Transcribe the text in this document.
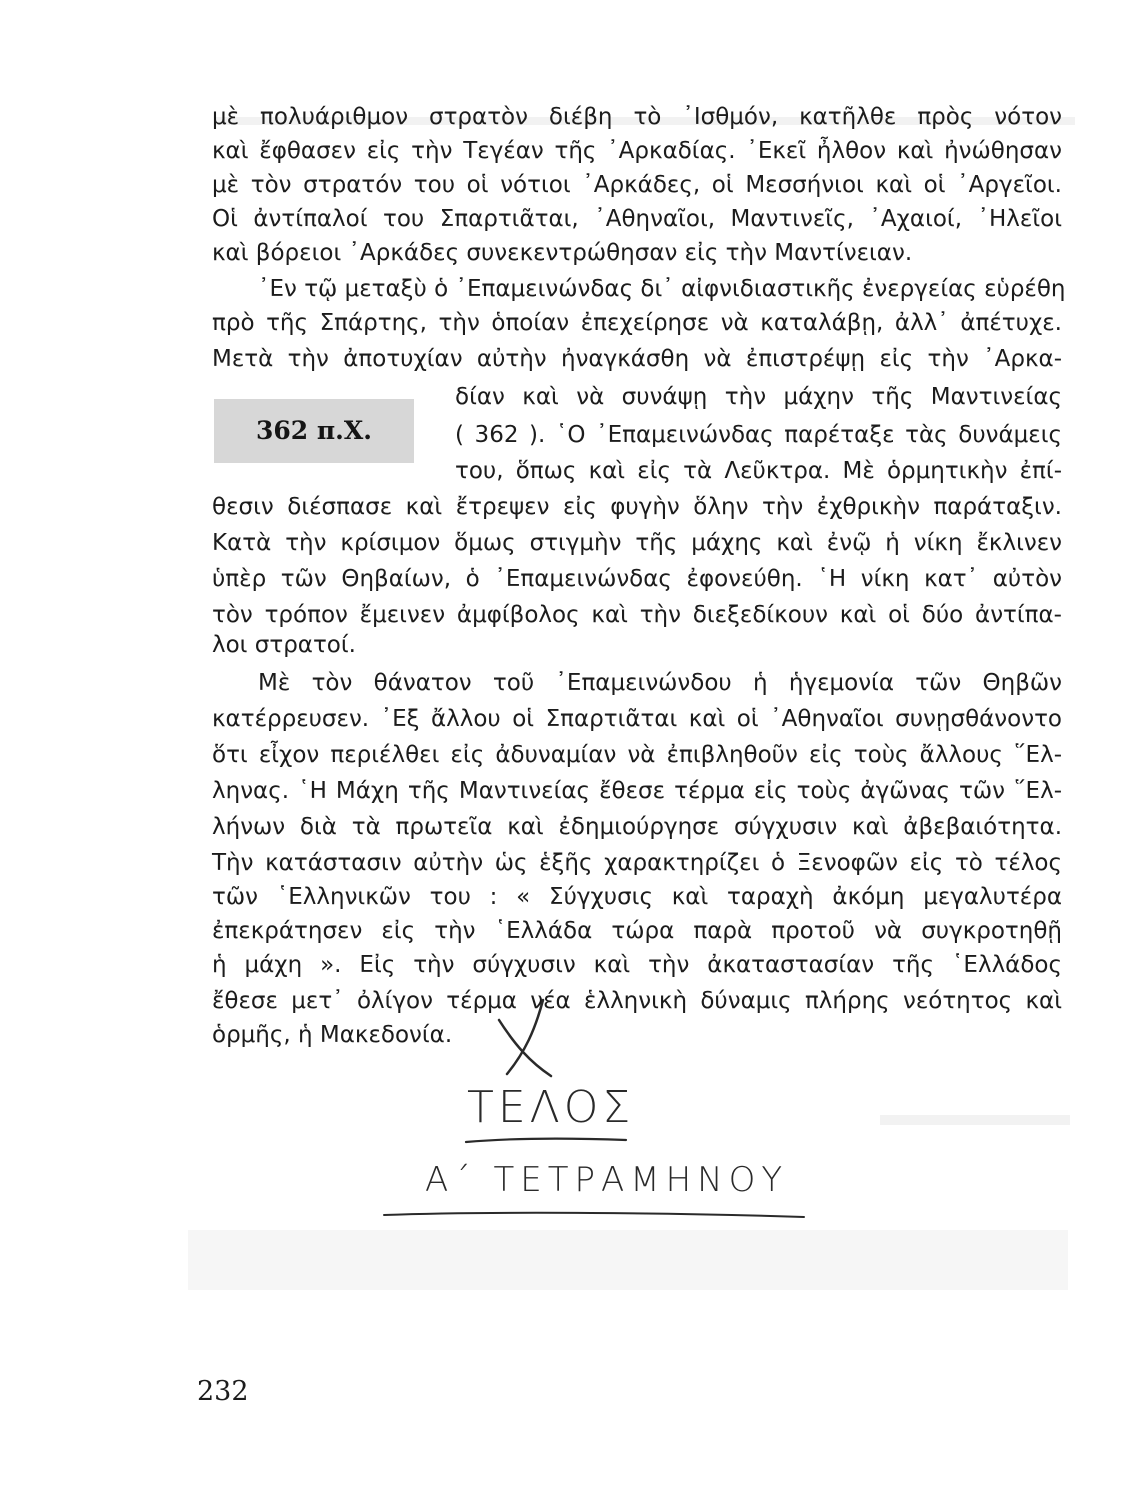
μὲ πολυάριθμον στρατὸν διέβη τὸ ᾿Ισθμόν, κατῆλθε πρὸς νότον
καὶ ἔφθασεν εἰς τὴν Τεγέαν τῆς ᾿Αρκαδίας. ᾿Εκεῖ ἦλθον καὶ ἠνώθησαν
μὲ τὸν στρατόν του οἱ νότιοι ᾿Αρκάδες, οἱ Μεσσήνιοι καὶ οἱ ᾿Αργεῖοι.
Οἱ ἀντίπαλοί του Σπαρτιᾶται, ᾿Αθηναῖοι, Μαντινεῖς, ᾿Αχαιοί, ᾿Ηλεῖοι
καὶ βόρειοι ᾿Αρκάδες συνεκεντρώθησαν εἰς τὴν Μαντίνειαν.
᾿Εν τῷ μεταξὺ ὁ ᾿Επαμεινώνδας δι᾿ αἰφνιδιαστικῆς ἐνεργείας εὑρέθη
πρὸ τῆς Σπάρτης, τὴν ὁποίαν ἐπεχείρησε νὰ καταλάβῃ, ἀλλ᾿ ἀπέτυχε.
Μετὰ τὴν ἀποτυχίαν αὐτὴν ἠναγκάσθη νὰ ἐπιστρέψῃ εἰς τὴν ᾿Αρκα-
362 π.Χ.
δίαν καὶ νὰ συνάψῃ τὴν μάχην τῆς Μαντινείας
( 362 ). ῾Ο ᾿Επαμεινώνδας παρέταξε τὰς δυνάμεις
του, ὅπως καὶ εἰς τὰ Λεῦκτρα. Μὲ ὁρμητικὴν ἐπί-
θεσιν διέσπασε καὶ ἔτρεψεν εἰς φυγὴν ὅλην τὴν ἐχθρικὴν παράταξιν.
Κατὰ τὴν κρίσιμον ὅμως στιγμὴν τῆς μάχης καὶ ἐνῷ ἡ νίκη ἔκλινεν
ὑπὲρ τῶν Θηβαίων, ὁ ᾿Επαμεινώνδας ἐφονεύθη. ῾Η νίκη κατ᾿ αὐτὸν
τὸν τρόπον ἔμεινεν ἀμφίβολος καὶ τὴν διεξεδίκουν καὶ οἱ δύο ἀντίπα-
λοι στρατοί.
Μὲ τὸν θάνατον τοῦ ᾿Επαμεινώνδου ἡ ἡγεμονία τῶν Θηβῶν
κατέρρευσεν. ᾿Εξ ἄλλου οἱ Σπαρτιᾶται καὶ οἱ ᾿Αθηναῖοι συνῃσθάνοντο
ὅτι εἶχον περιέλθει εἰς ἀδυναμίαν νὰ ἐπιβληθοῦν εἰς τοὺς ἄλλους ῞Ελ-
ληνας. ῾Η Μάχη τῆς Μαντινείας ἔθεσε τέρμα εἰς τοὺς ἀγῶνας τῶν ῞Ελ-
λήνων διὰ τὰ πρωτεῖα καὶ ἐδημιούργησε σύγχυσιν καὶ ἀβεβαιότητα.
Τὴν κατάστασιν αὐτὴν ὡς ἑξῆς χαρακτηρίζει ὁ Ξενοφῶν εἰς τὸ τέλος
τῶν ῾Ελληνικῶν του : « Σύγχυσις καὶ ταραχὴ ἀκόμη μεγαλυτέρα
ἐπεκράτησεν εἰς τὴν ῾Ελλάδα τώρα παρὰ προτοῦ νὰ συγκροτηθῇ
ἡ μάχη ». Εἰς τὴν σύγχυσιν καὶ τὴν ἀκαταστασίαν τῆς ῾Ελλάδος
ἔθεσε μετ᾿ ὀλίγον τέρμα νέα ἑλληνικὴ δύναμις πλήρης νεότητος καὶ
ὁρμῆς, ἡ Μακεδονία.
ΤΕΛΟΣ
Α΄ ΤΕΤΡΑΜΗΝΟΥ
232
